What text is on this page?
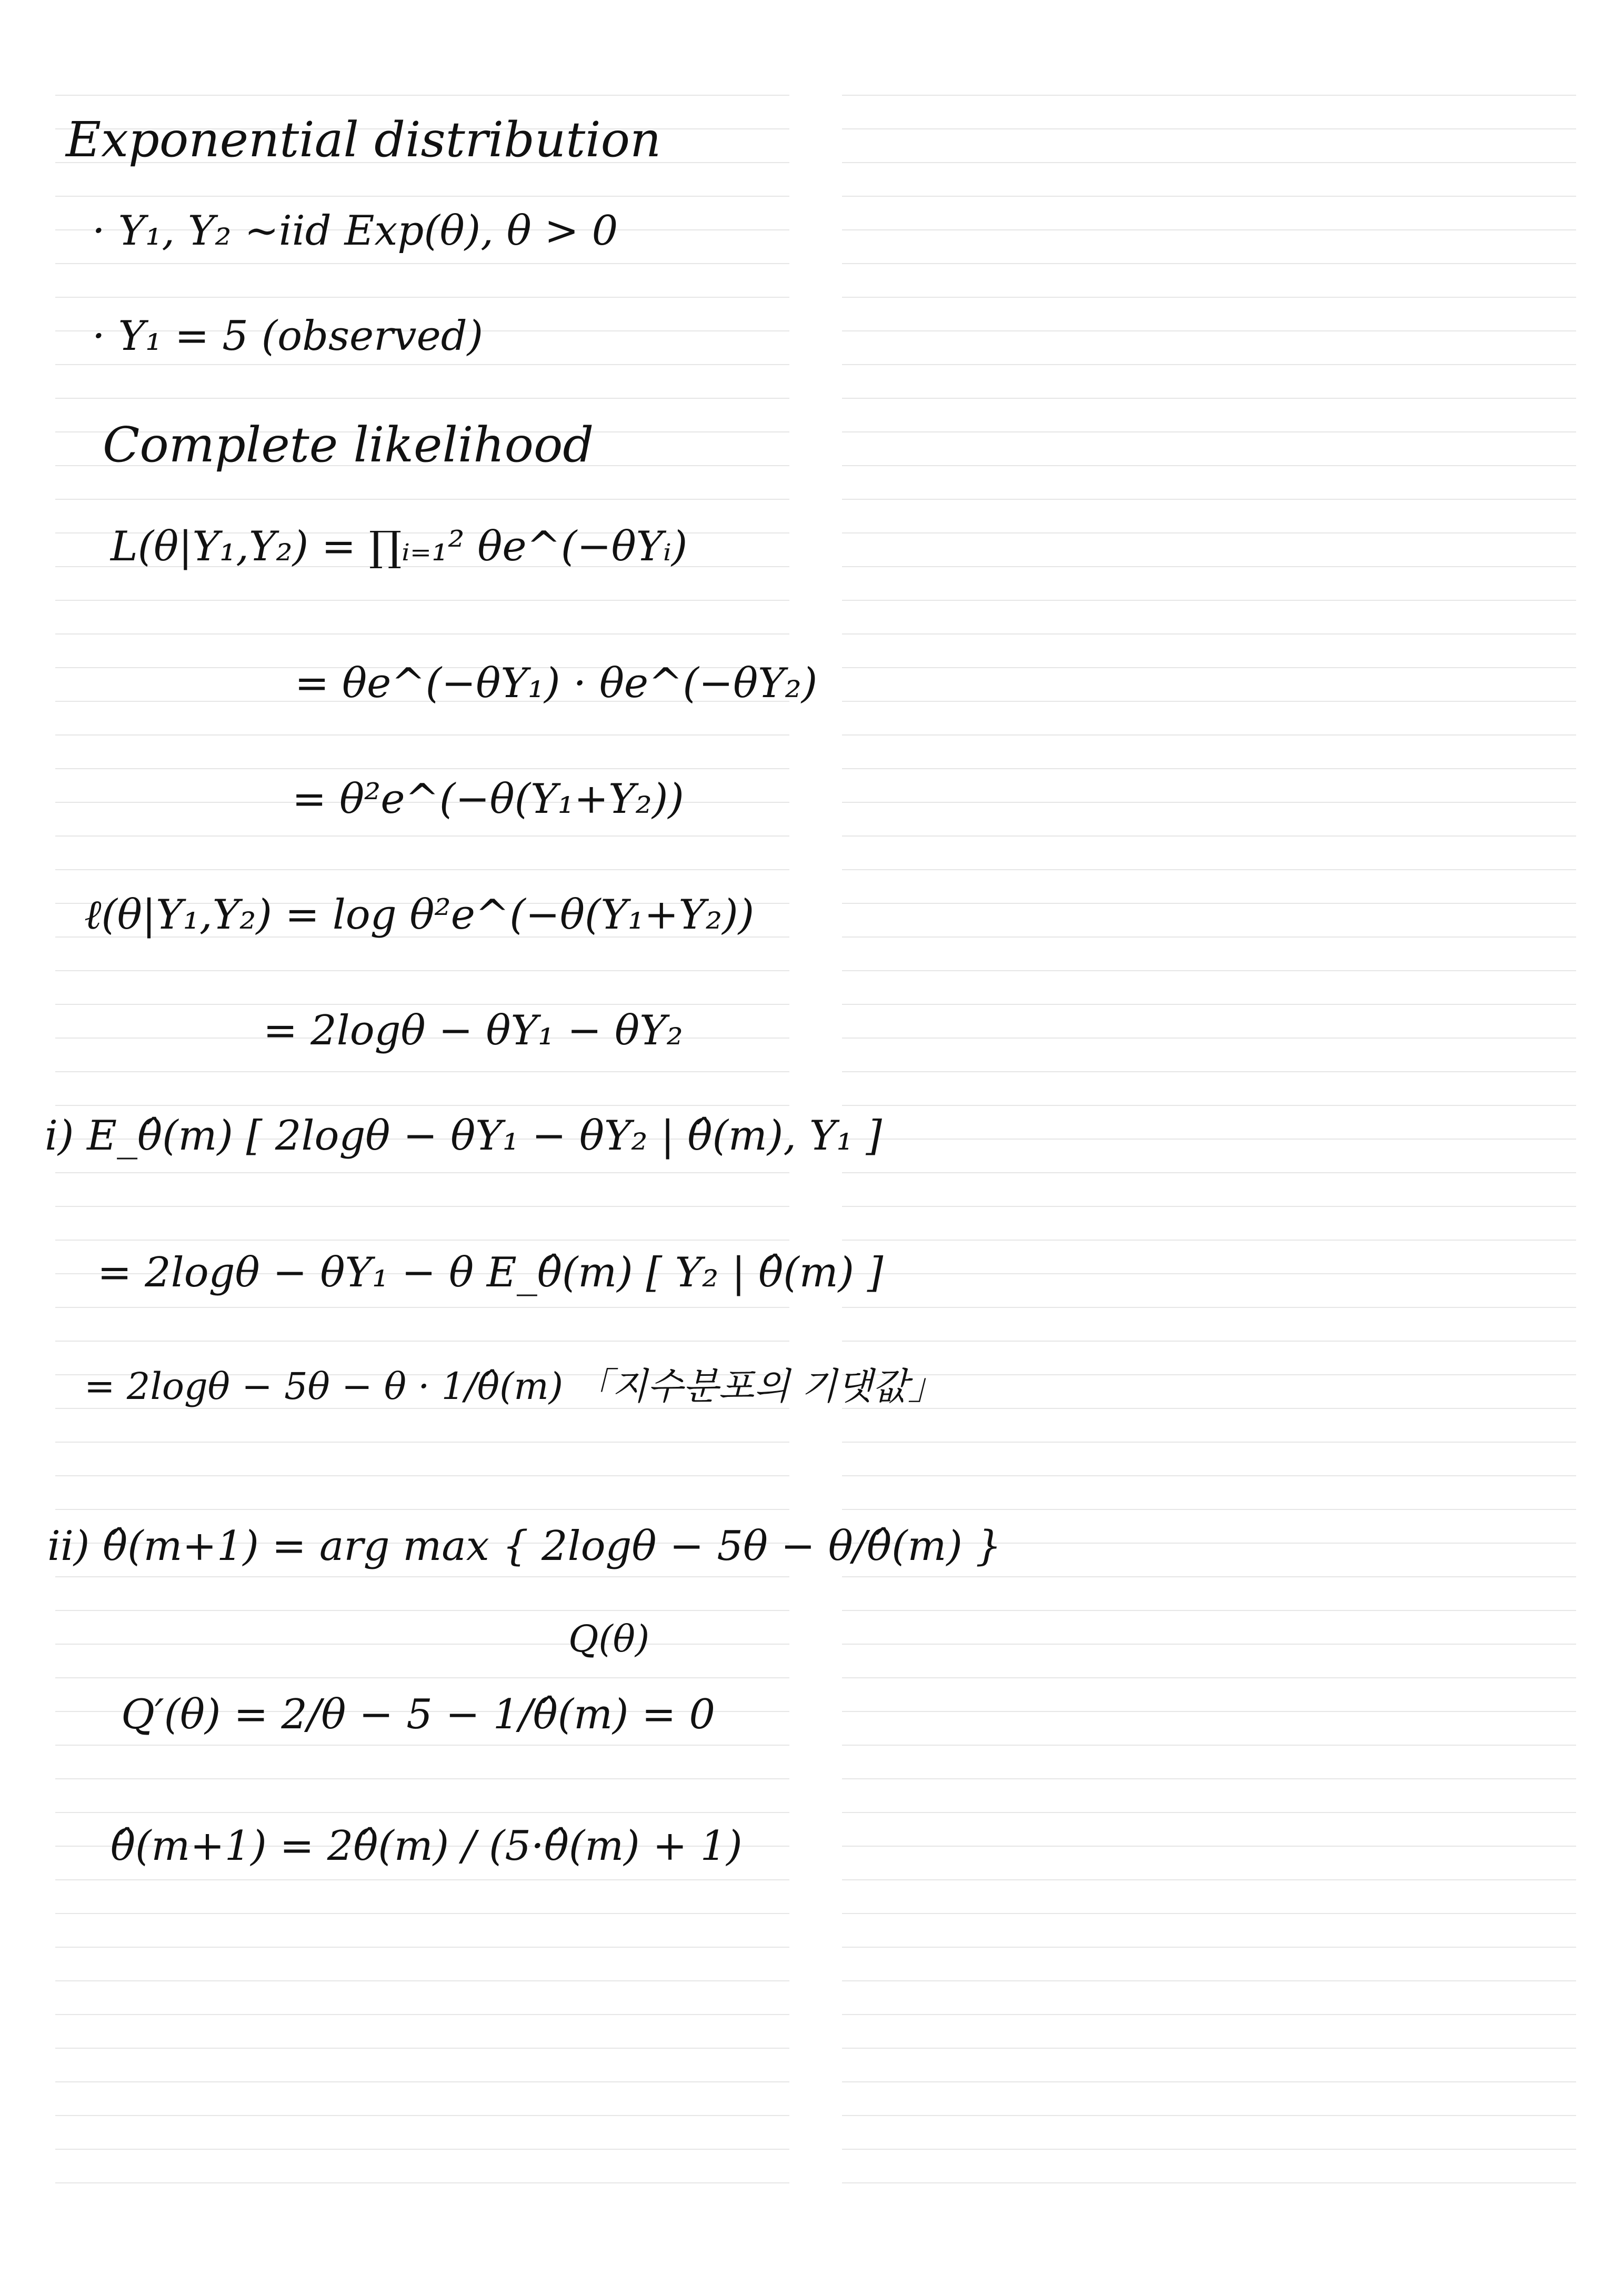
Exponential distribution
· Y₁, Y₂ ~iid Exp(θ), θ > 0
· Y₁ = 5 (observed)
Complete likelihood
L(θ|Y₁,Y₂) = ∏ᵢ₌₁² θe^(−θYᵢ)
= θe^(−θY₁) · θe^(−θY₂)
= θ²e^(−θ(Y₁+Y₂))
ℓ(θ|Y₁,Y₂) = log θ²e^(−θ(Y₁+Y₂))
= 2logθ − θY₁ − θY₂
i) E_θ̂(m) [ 2logθ − θY₁ − θY₂ | θ̂(m), Y₁ ]
= 2logθ − θY₁ − θ E_θ̂(m) [ Y₂ | θ̂(m) ]
= 2logθ − 5θ − θ · 1/θ̂(m) 「지수분포의 기댓값」
ii) θ̂(m+1) = arg max { 2logθ − 5θ − θ/θ̂(m) }
Q(θ)
Q′(θ) = 2/θ − 5 − 1/θ̂(m) = 0
θ̂(m+1) = 2θ̂(m) / (5·θ̂(m) + 1)
